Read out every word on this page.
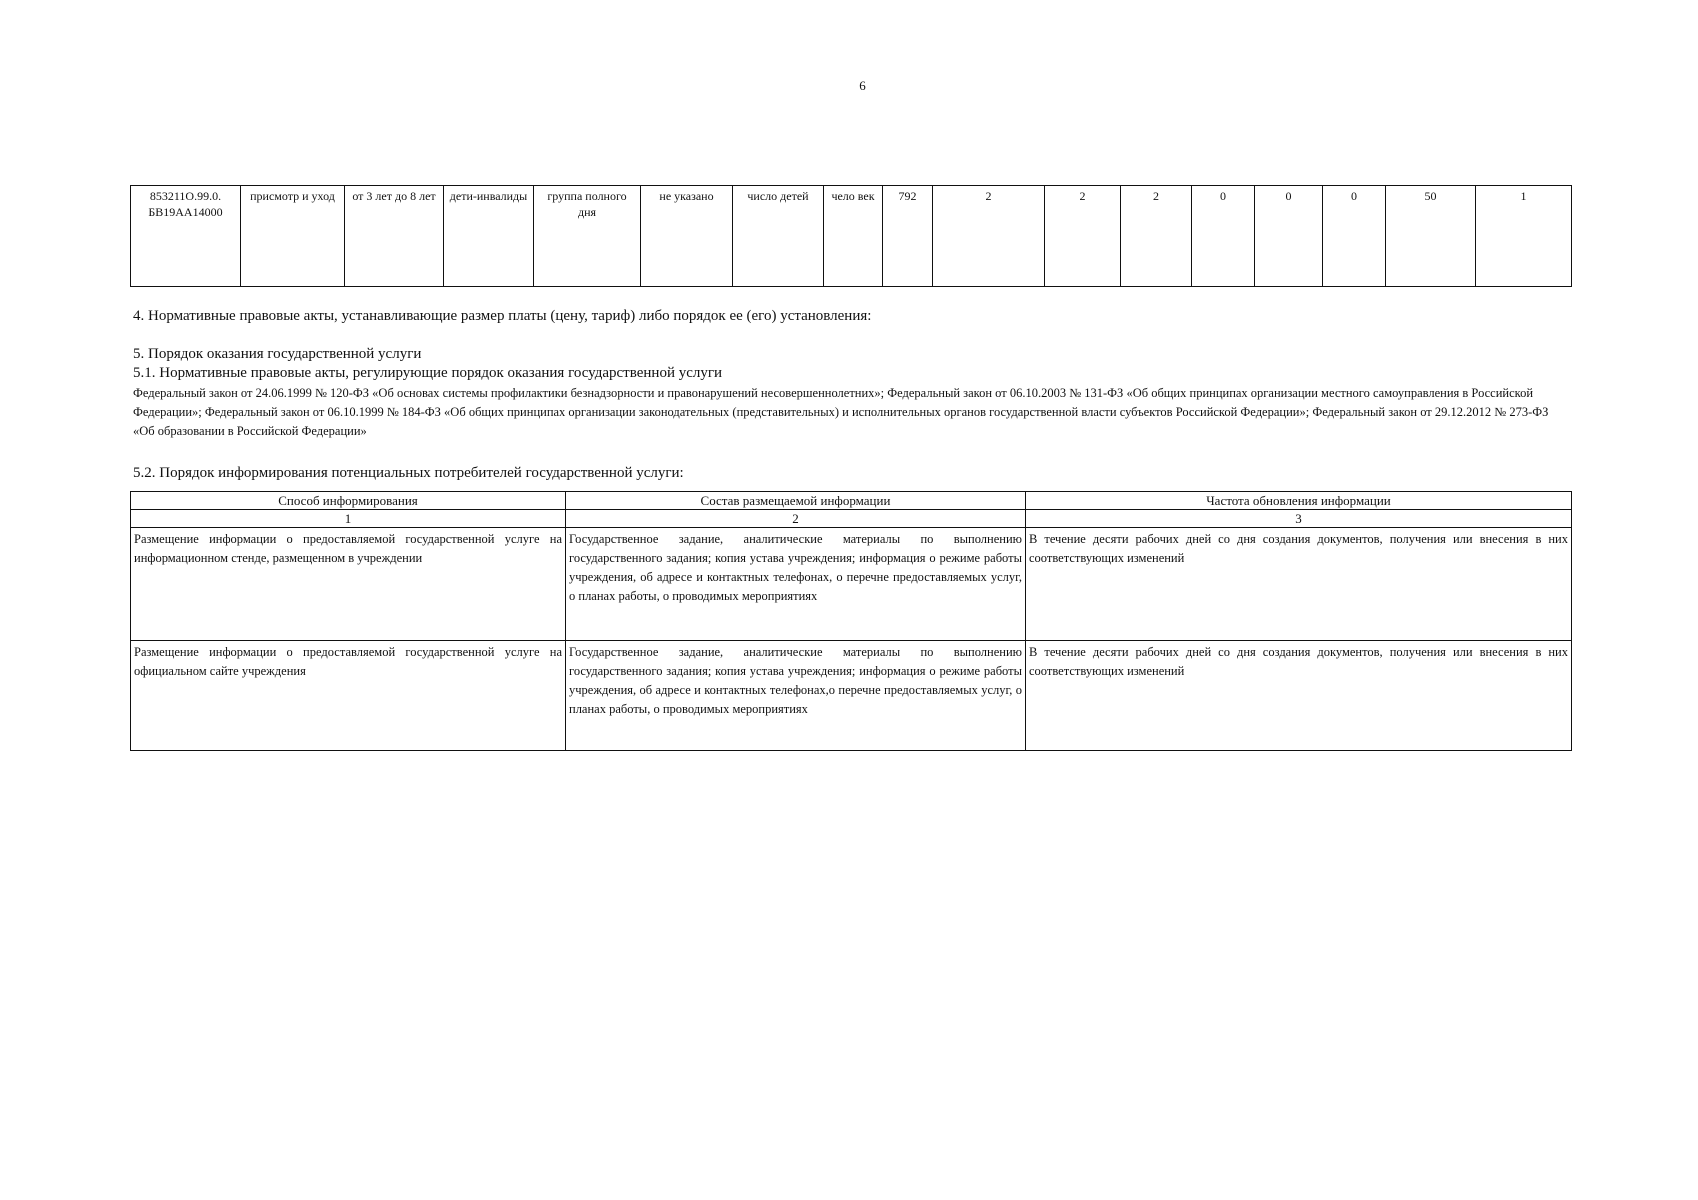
6
853211О.99.0. БВ19АА14000	присмотр и уход	от 3 лет до 8 лет	дети-инвалиды	группа полного дня	не указано	число детей	чело век	792	2	2	2	0	0	0	50	1
4. Нормативные правовые акты, устанавливающие размер платы (цену, тариф) либо порядок ее (его) установления:
5. Порядок оказания государственной услуги
5.1. Нормативные правовые акты, регулирующие порядок оказания государственной услуги
Федеральный закон от 24.06.1999 № 120-ФЗ «Об основах системы профилактики безнадзорности и правонарушений несовершеннолетних»; Федеральный закон от 06.10.2003 № 131-ФЗ «Об общих принципах организации местного самоуправления в Российской Федерации»; Федеральный закон от 06.10.1999 № 184-ФЗ «Об общих принципах организации законодательных (представительных) и исполнительных органов государственной власти субъектов Российской Федерации»; Федеральный закон от 29.12.2012 № 273-ФЗ «Об образовании в Российской Федерации»
5.2. Порядок информирования потенциальных потребителей государственной услуги:
Способ информирования	Состав размещаемой информации	Частота обновления информации
1	2	3
Размещение информации о предоставляемой государственной услуге на информационном стенде, размещенном в учреждении	Государственное задание, аналитические материалы по выполнению государственного задания; копия устава учреждения; информация о режиме работы учреждения, об адресе и контактных телефонах, о перечне предоставляемых услуг, о планах работы, о проводимых мероприятиях	В течение десяти рабочих дней со дня создания документов, получения или внесения в них соответствующих изменений
Размещение информации о предоставляемой государственной услуге на официальном сайте учреждения	Государственное задание, аналитические материалы по выполнению государственного задания; копия устава учреждения; информация о режиме работы учреждения, об адресе и контактных телефонах,о перечне предоставляемых услуг, о планах работы, о проводимых мероприятиях	В течение десяти рабочих дней со дня создания документов, получения или внесения в них соответствующих изменений
